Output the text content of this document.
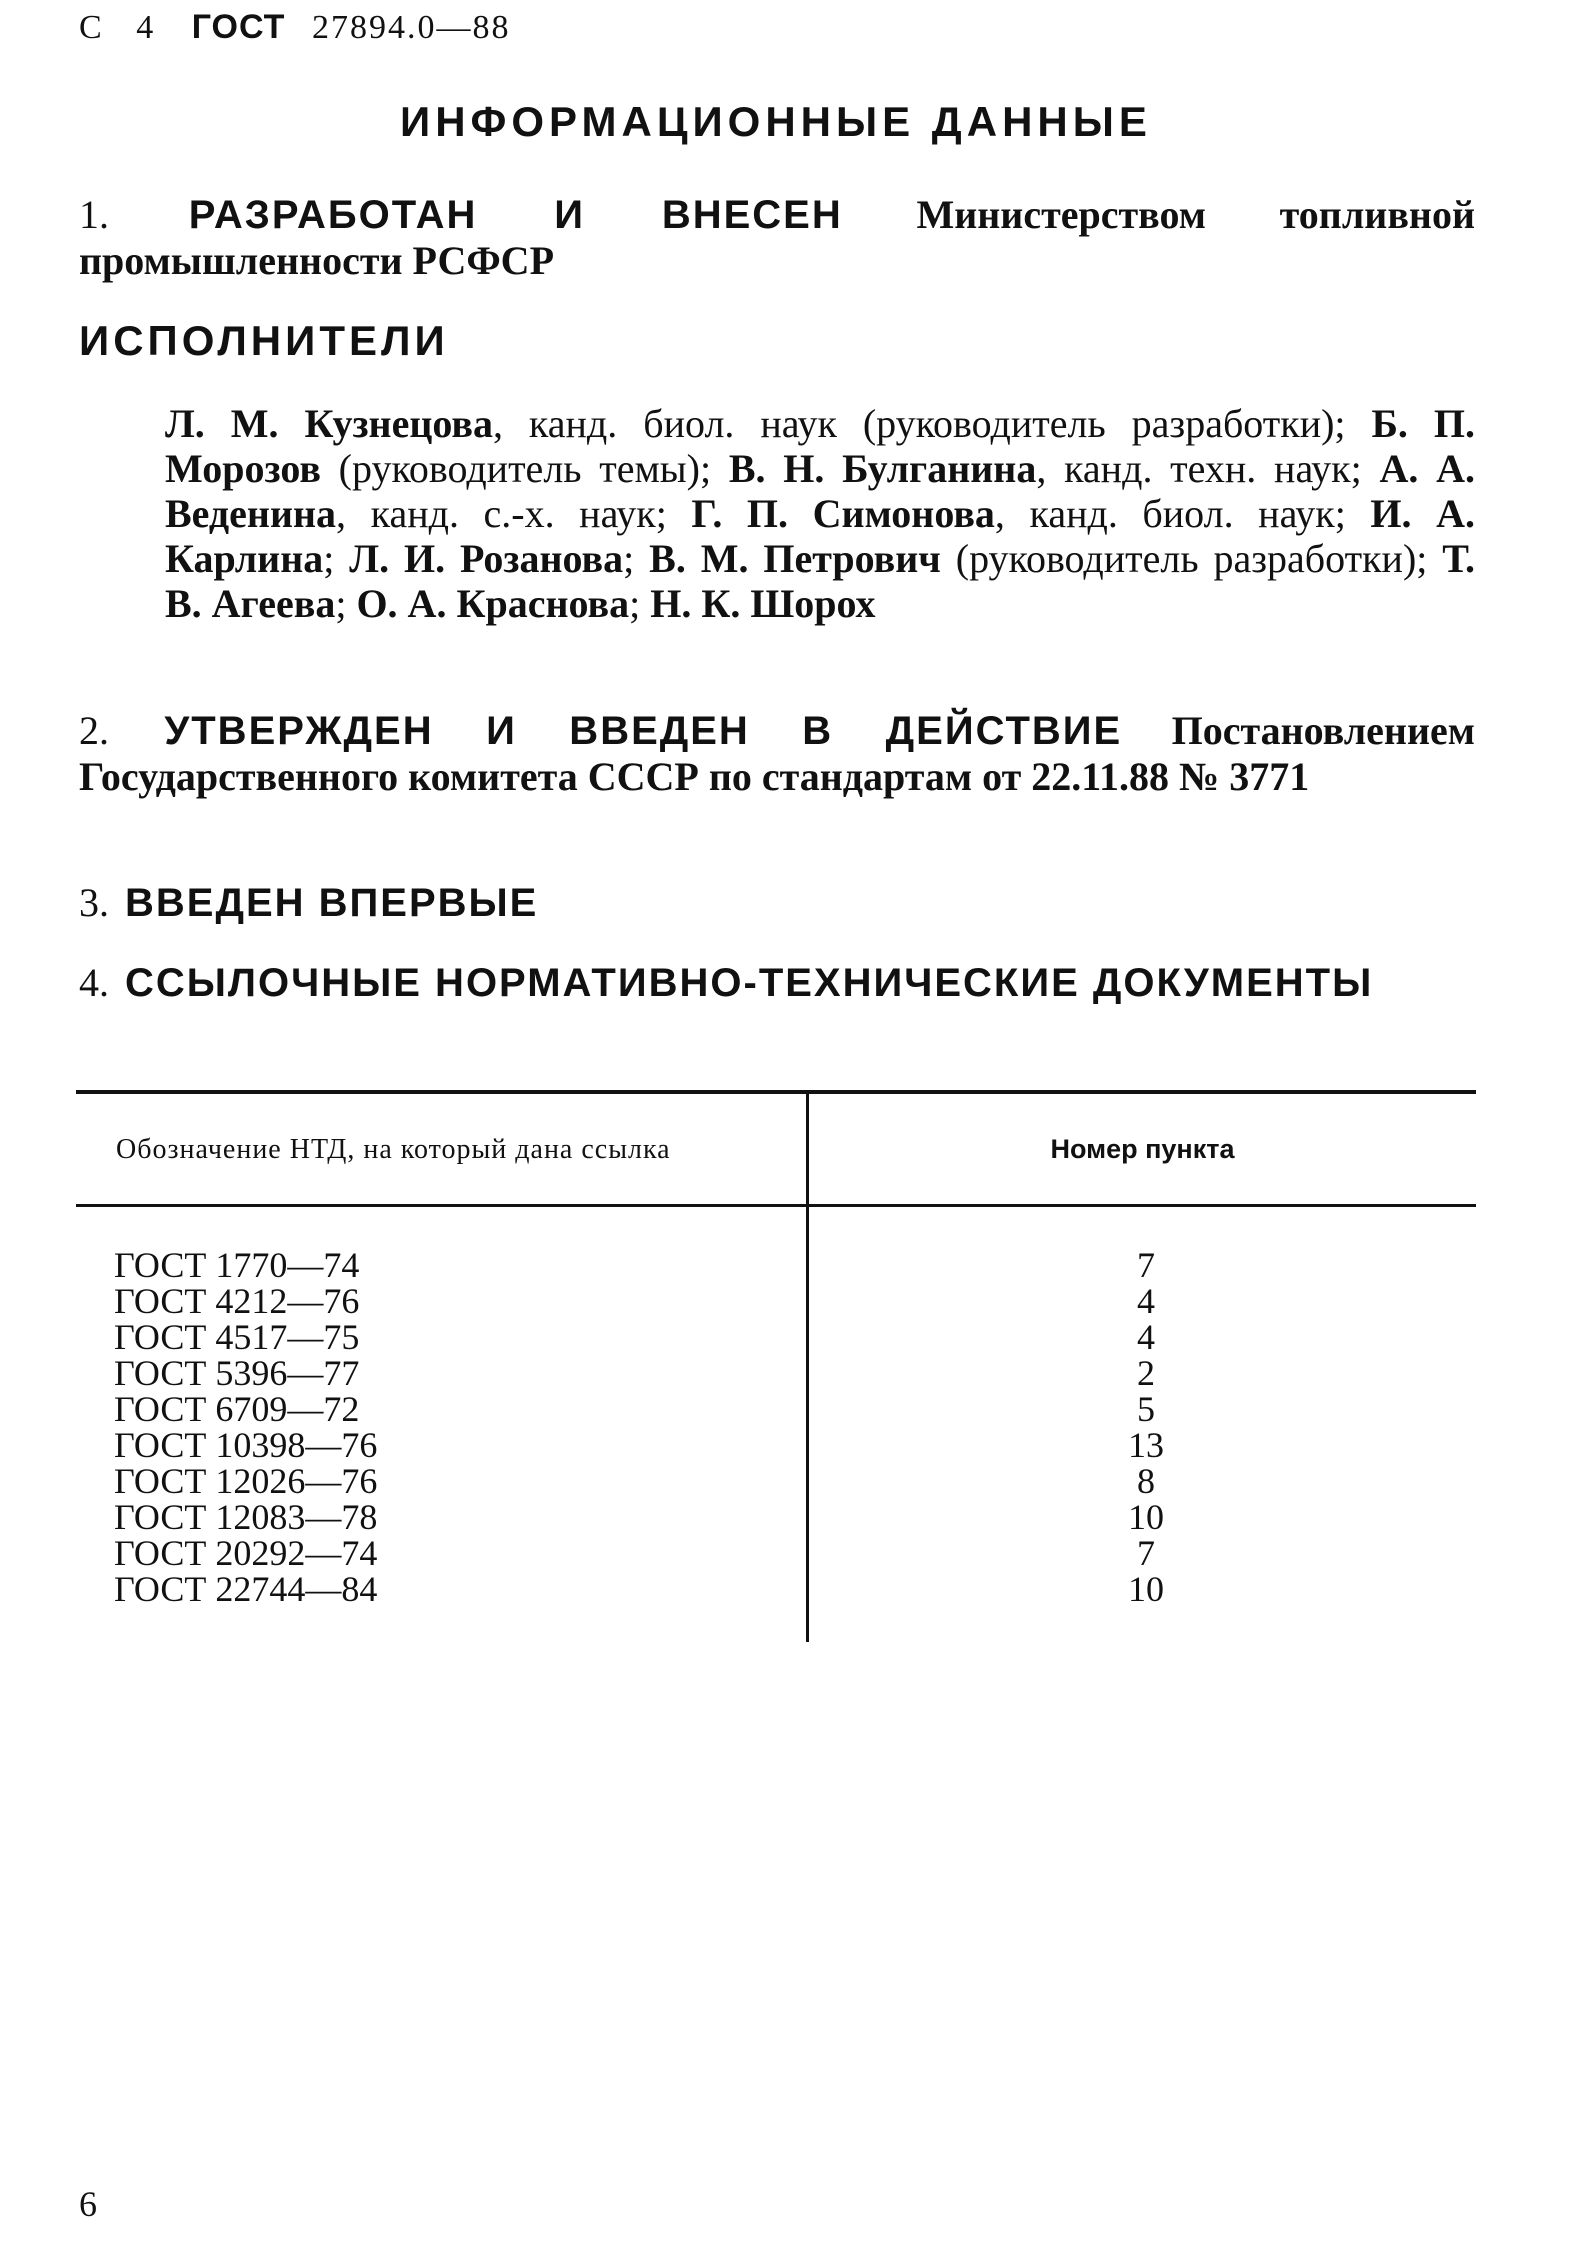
С 4 ГОСТ 27894.0—88
ИНФОРМАЦИОННЫЕ ДАННЫЕ
1. РАЗРАБОТАН И ВНЕСЕН Министерством топливной промышленности РСФСР
ИСПОЛНИТЕЛИ
Л. М. Кузнецова, канд. биол. наук (руководитель разработки); Б. П. Морозов (руководитель темы); В. Н. Булганина, канд. техн. наук; А. А. Веденина, канд. с.-х. наук; Г. П. Симонова, канд. биол. наук; И. А. Карлина; Л. И. Розанова; В. М. Петрович (руководитель разработки); Т. В. Агеева; О. А. Краснова; Н. К. Шорох
2. УТВЕРЖДЕН И ВВЕДЕН В ДЕЙСТВИЕ Постановлением Государственного комитета СССР по стандартам от 22.11.88 № 3771
3. ВВЕДЕН ВПЕРВЫЕ
4. ССЫЛОЧНЫЕ НОРМАТИВНО-ТЕХНИЧЕСКИЕ ДОКУМЕНТЫ
Обозначение НТД, на который дана ссылка	Номер пункта
ГОСТ 1770—74	7
ГОСТ 4212—76	4
ГОСТ 4517—75	4
ГОСТ 5396—77	2
ГОСТ 6709—72	5
ГОСТ 10398—76	13
ГОСТ 12026—76	8
ГОСТ 12083—78	10
ГОСТ 20292—74	7
ГОСТ 22744—84	10
6
